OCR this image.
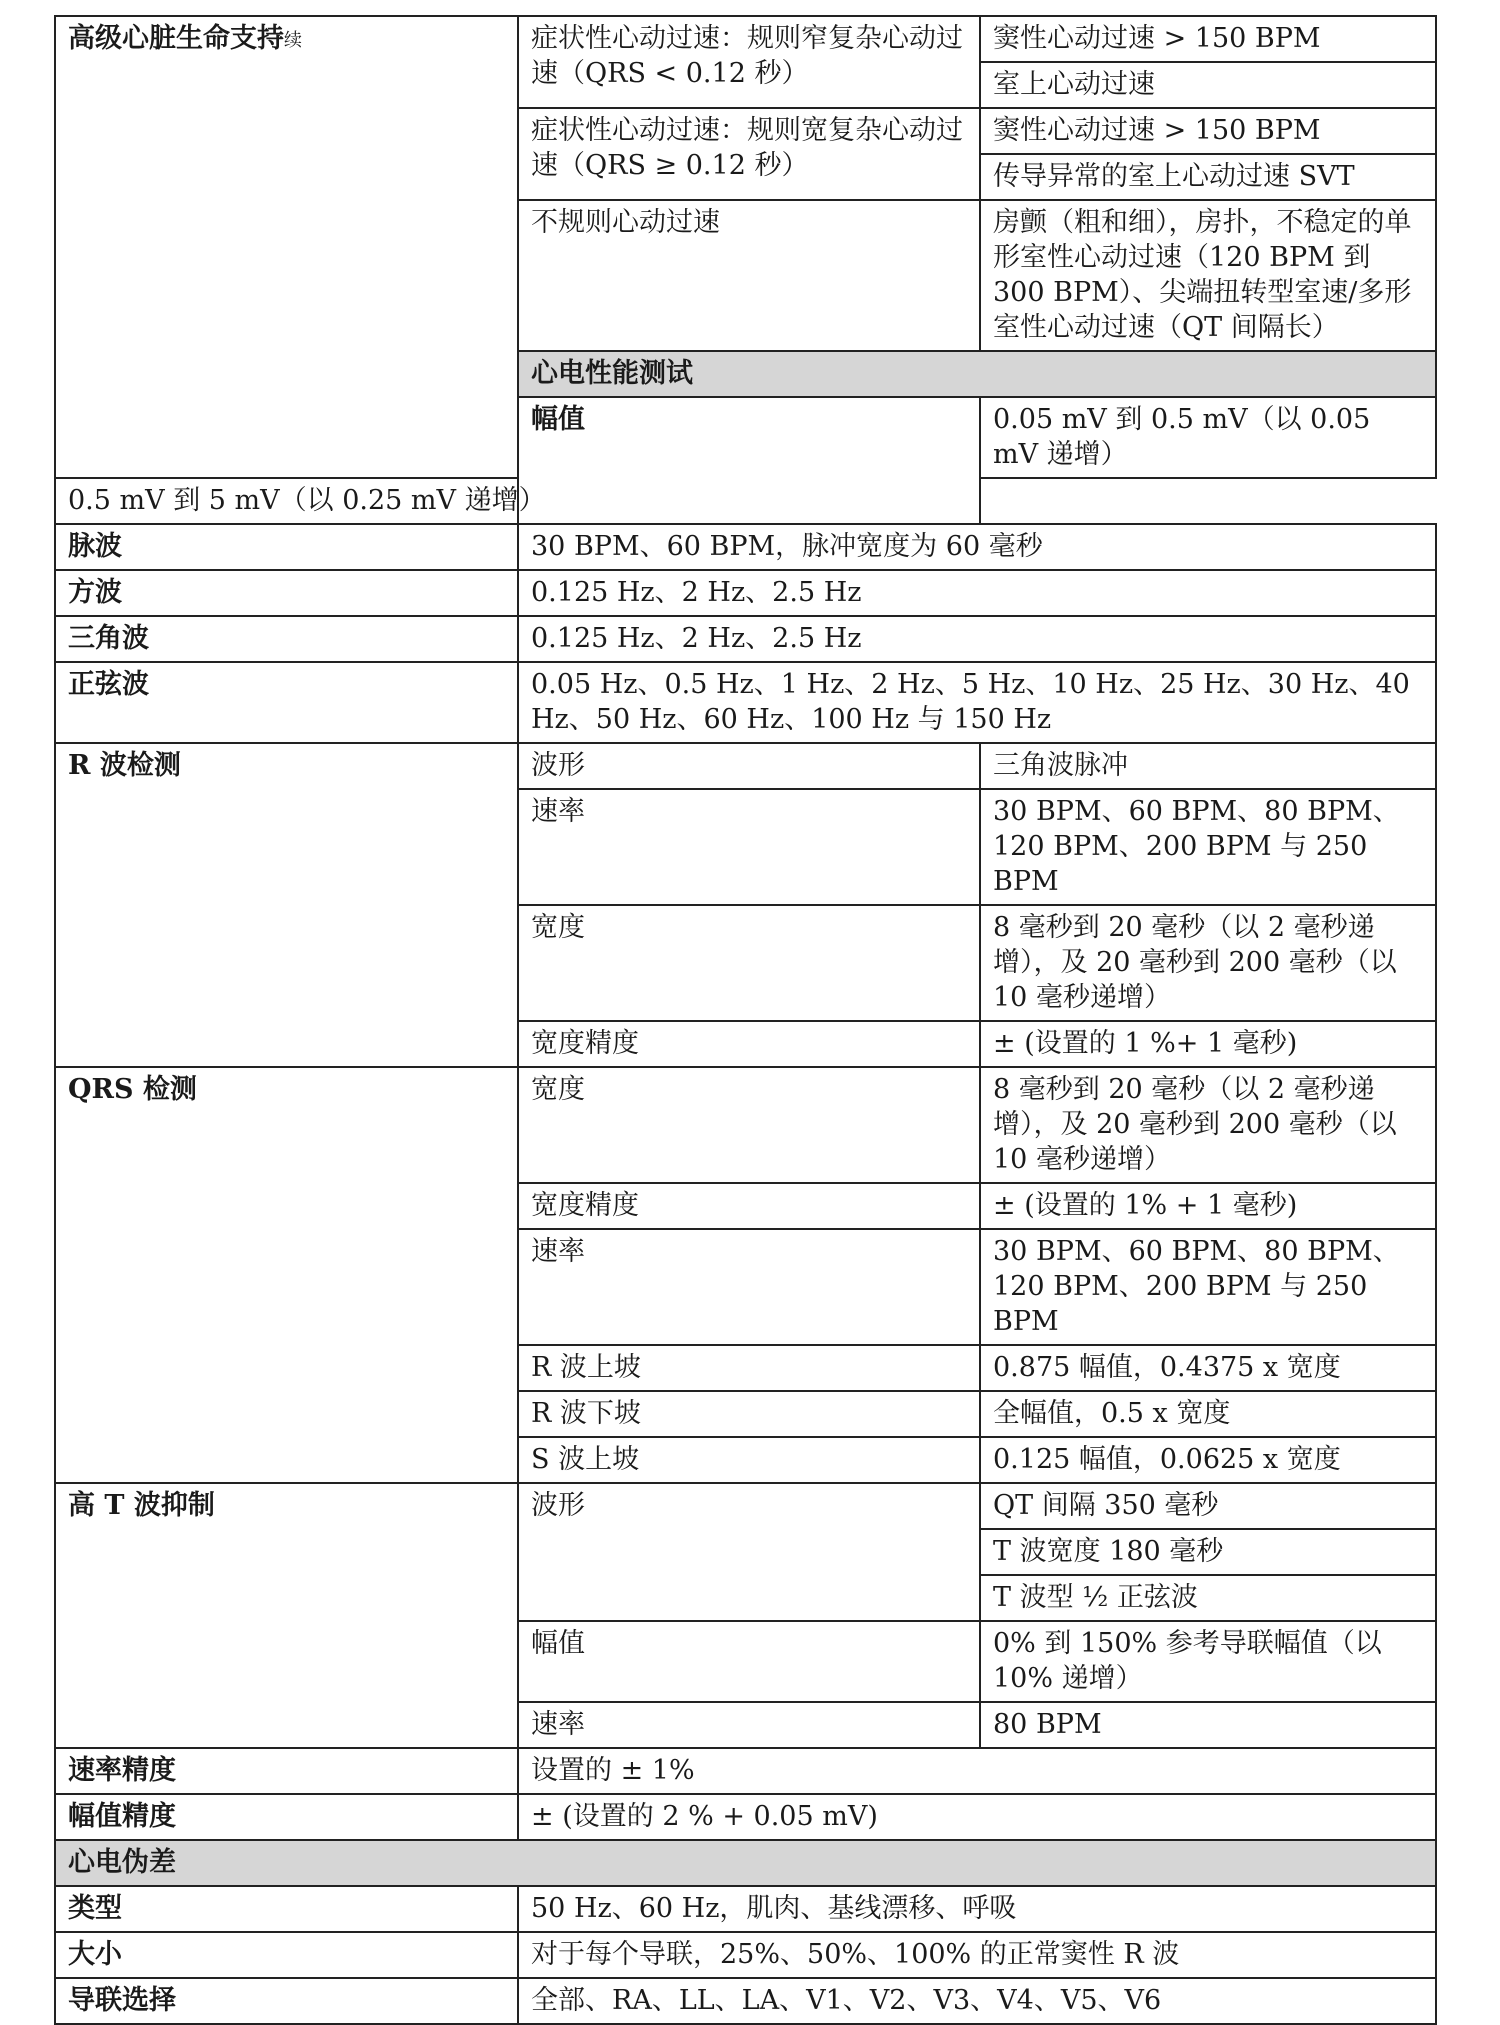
高级心脏生命支持$^续$	症状性心动过速：规则窄复杂心动过速（QRS < 0.12 秒）	窦性心动过速 > 150 BPM
		室上心动过速
	症状性心动过速：规则宽复杂心动过速（QRS ≥ 0.12 秒）	窦性心动过速 > 150 BPM
		传导异常的室上心动过速 SVT
	不规则心动过速	房颤（粗和细），房扑，不稳定的单形室性心动过速（120 BPM 到 300 BPM）、尖端扭转型室速/多形室性心动过速（QT 间隔长）
	心电性能测试	
	幅值	0.05 mV 到 0.5 mV（以 0.05 mV 递增）
0.5 mV 到 5 mV（以 0.25 mV 递增）		
脉波	30 BPM、60 BPM，脉冲宽度为 60 毫秒	
方波	0.125 Hz、2 Hz、2.5 Hz	
三角波	0.125 Hz、2 Hz、2.5 Hz	
正弦波	0.05 Hz、0.5 Hz、1 Hz、2 Hz、5 Hz、10 Hz、25 Hz、30 Hz、40 Hz、50 Hz、60 Hz、100 Hz 与 150 Hz	
R 波检测	波形	三角波脉冲
	速率	30 BPM、60 BPM、80 BPM、120 BPM、200 BPM 与 250 BPM
	宽度	8 毫秒到 20 毫秒（以 2 毫秒递增），及 20 毫秒到 200 毫秒（以 10 毫秒递增）
	宽度精度	± (设置的 1 %+ 1 毫秒)
QRS 检测	宽度	8 毫秒到 20 毫秒（以 2 毫秒递增），及 20 毫秒到 200 毫秒（以 10 毫秒递增）
	宽度精度	± (设置的 1% + 1 毫秒)
	速率	30 BPM、60 BPM、80 BPM、120 BPM、200 BPM 与 250 BPM
	R 波上坡	0.875 幅值，0.4375 x 宽度
	R 波下坡	全幅值，0.5 x 宽度
	S 波上坡	0.125 幅值，0.0625 x 宽度
高 T 波抑制	波形	QT 间隔 350 毫秒
		T 波宽度 180 毫秒
		T 波型 ½ 正弦波
	幅值	0% 到 150% 参考导联幅值（以 10% 递增）
	速率	80 BPM
速率精度	设置的 ± 1%	
幅值精度	± (设置的 2 % + 0.05 mV)	
心电伪差		
类型	50 Hz、60 Hz，肌肉、基线漂移、呼吸	
大小	对于每个导联，25%、50%、100% 的正常窦性 R 波	
导联选择	全部、RA、LL、LA、V1、V2、V3、V4、V5、V6	
